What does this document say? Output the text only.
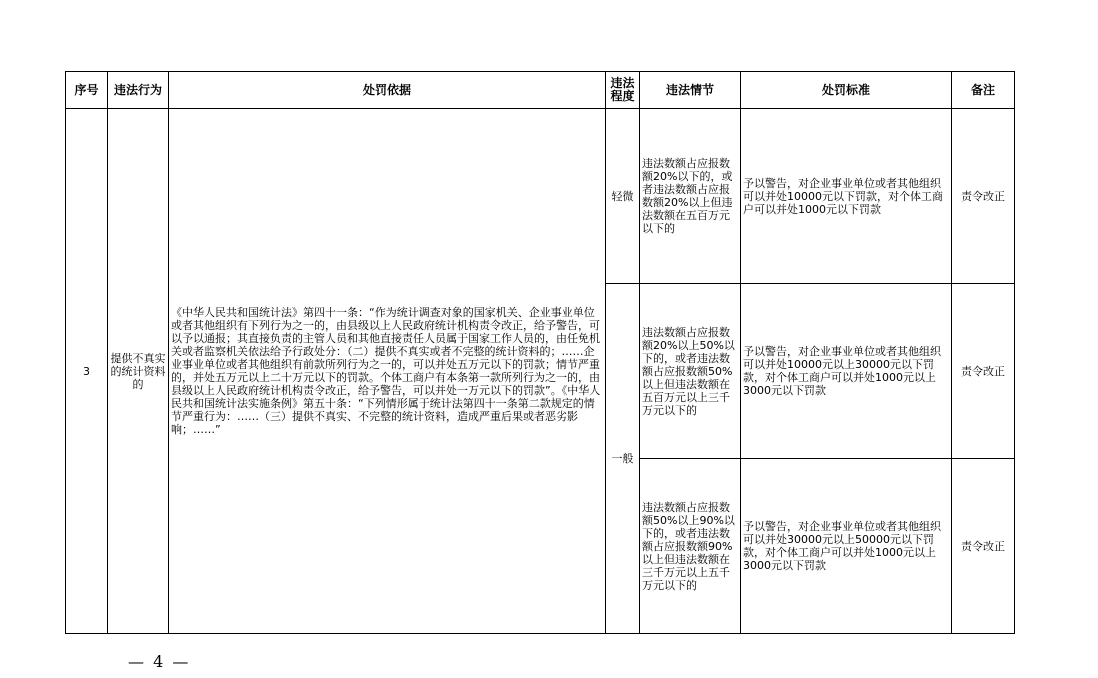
序号	违法行为	处罚依据	违法程度	违法情节	处罚标准	备注
3	提供不真实的统计资料的	《中华人民共和国统计法》第四十一条：“作为统计调查对象的国家机关、企业事业单位或者其他组织有下列行为之一的，由县级以上人民政府统计机构责令改正，给予警告，可以予以通报；其直接负责的主管人员和其他直接责任人员属于国家工作人员的，由任免机关或者监察机关依法给予行政处分：（二）提供不真实或者不完整的统计资料的；……企业事业单位或者其他组织有前款所列行为之一的，可以并处五万元以下的罚款；情节严重的，并处五万元以上二十万元以下的罚款。个体工商户有本条第一款所列行为之一的，由县级以上人民政府统计机构责令改正，给予警告，可以并处一万元以下的罚款”。《中华人民共和国统计法实施条例》第五十条：“下列情形属于统计法第四十一条第二款规定的情节严重行为：……（三）提供不真实、不完整的统计资料，造成严重后果或者恶劣影响；……”	轻微	违法数额占应报数额20%以下的，或者违法数额占应报数额20%以上但违法数额在五百万元以下的	予以警告，对企业事业单位或者其他组织可以并处10000元以下罚款，对个体工商户可以并处1000元以下罚款	责令改正
			一般	违法数额占应报数额20%以上50%以下的，或者违法数额占应报数额50%以上但违法数额在五百万元以上三千万元以下的	予以警告，对企业事业单位或者其他组织可以并处10000元以上30000元以下罚款，对个体工商户可以并处1000元以上3000元以下罚款	责令改正
				违法数额占应报数额50%以上90%以下的，或者违法数额占应报数额90%以上但违法数额在三千万元以上五千万元以下的	予以警告，对企业事业单位或者其他组织可以并处30000元以上50000元以下罚款，对个体工商户可以并处1000元以上3000元以下罚款	责令改正
— 4 —
